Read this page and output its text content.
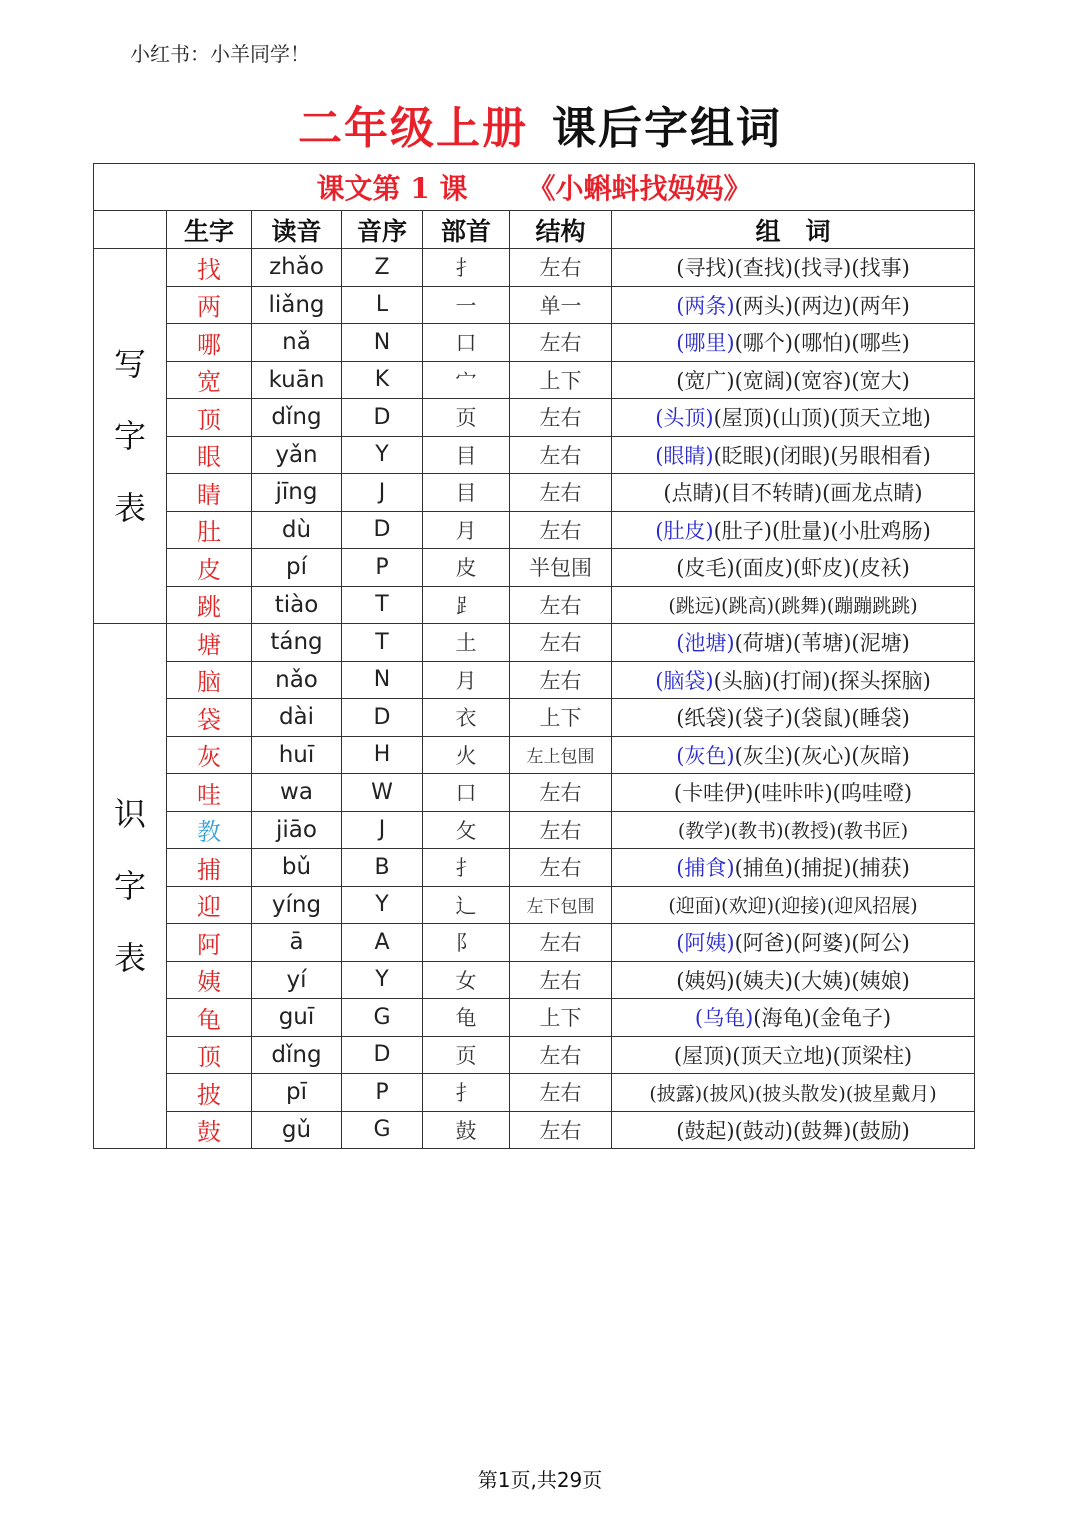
小红书：小羊同学！
二年级上册 课后字组词
课文第 1 课 《小蝌蚪找妈妈》						
	生字	读音	音序	部首	结构	组　词

写
字
表	找	zhǎo	Z	扌	左右	(寻找)(查找)(找寻)(找事)
	两	liǎng	L	一	单一	(两条)(两头)(两边)(两年)
	哪	nǎ	N	口	左右	(哪里)(哪个)(哪怕)(哪些)
	宽	kuān	K	宀	上下	(宽广)(宽阔)(宽容)(宽大)
	顶	dǐng	D	页	左右	(头顶)(屋顶)(山顶)(顶天立地)
	眼	yǎn	Y	目	左右	(眼睛)(眨眼)(闭眼)(另眼相看)
	睛	jīng	J	目	左右	(点睛)(目不转睛)(画龙点睛)
	肚	dù	D	月	左右	(肚皮)(肚子)(肚量)(小肚鸡肠)
	皮	pí	P	皮	半包围	(皮毛)(面皮)(虾皮)(皮袄)
	跳	tiào	T	⻊	左右	(跳远)(跳高)(跳舞)(蹦蹦跳跳)

识
字
表	塘	táng	T	土	左右	(池塘)(荷塘)(苇塘)(泥塘)
	脑	nǎo	N	月	左右	(脑袋)(头脑)(打闹)(探头探脑)
	袋	dài	D	衣	上下	(纸袋)(袋子)(袋鼠)(睡袋)
	灰	huī	H	火	左上包围	(灰色)(灰尘)(灰心)(灰暗)
	哇	wa	W	口	左右	(卡哇伊)(哇咔咔)(呜哇噔)
	教	jiāo	J	攵	左右	(教学)(教书)(教授)(教书匠)
	捕	bǔ	B	扌	左右	(捕食)(捕鱼)(捕捉)(捕获)
	迎	yíng	Y	辶	左下包围	(迎面)(欢迎)(迎接)(迎风招展)
	阿	ā	A	阝	左右	(阿姨)(阿爸)(阿婆)(阿公)
	姨	yí	Y	女	左右	(姨妈)(姨夫)(大姨)(姨娘)
	龟	guī	G	龟	上下	(乌龟)(海龟)(金龟子)
	顶	dǐng	D	页	左右	(屋顶)(顶天立地)(顶梁柱)
	披	pī	P	扌	左右	(披露)(披风)(披头散发)(披星戴月)
	鼓	gǔ	G	鼓	左右	(鼓起)(鼓动)(鼓舞)(鼓励)
第1页,共29页
